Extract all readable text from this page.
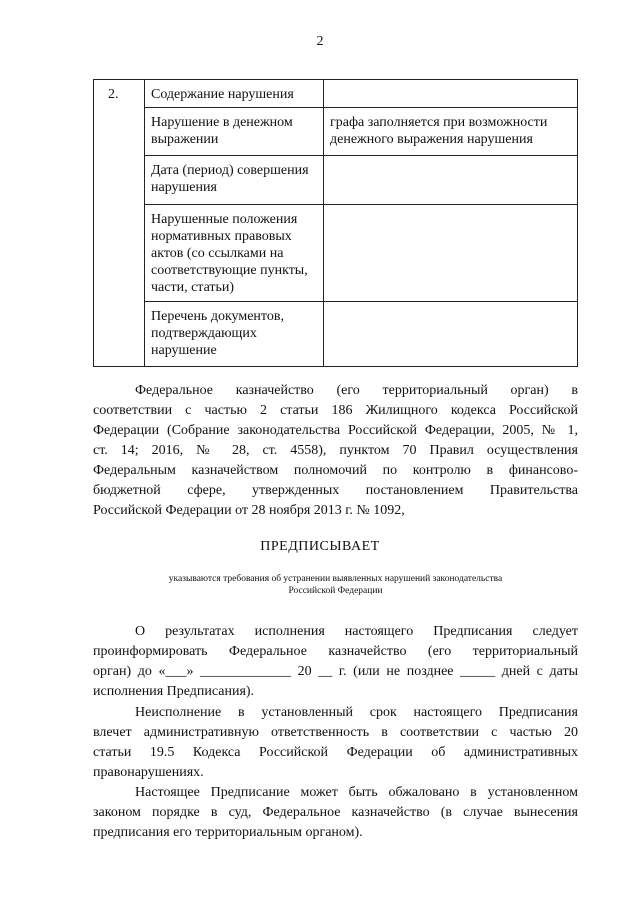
2
2.	Содержание нарушения	
	Нарушение в денежном выражении	графа заполняется при возможности денежного выражения нарушения
	Дата (период) совершения нарушения	
	Нарушенные положения нормативных правовых актов (со ссылками на соответствующие пункты, части, статьи)	
	Перечень документов, подтверждающих нарушение	
Федеральное казначейство (его территориальный орган) в
соответствии с частью 2 статьи 186 Жилищного кодекса Российской
Федерации (Собрание законодательства Российской Федерации, 2005, № 1,
ст. 14; 2016, № 28, ст. 4558), пунктом 70 Правил осуществления
Федеральным казначейством полномочий по контролю в финансово-
бюджетной сфере, утвержденных постановлением Правительства
Российской Федерации от 28 ноября 2013 г. № 1092,
ПРЕДПИСЫВАЕТ
указываются требования об устранении выявленных нарушений законодательства
Российской Федерации
О результатах исполнения настоящего Предписания следует
проинформировать Федеральное казначейство (его территориальный
орган) до «___» _____________ 20 __ г. (или не позднее _____ дней с даты
исполнения Предписания).
Неисполнение в установленный срок настоящего Предписания
влечет административную ответственность в соответствии с частью 20
статьи 19.5 Кодекса Российской Федерации об административных
правонарушениях.
Настоящее Предписание может быть обжаловано в установленном
законом порядке в суд, Федеральное казначейство (в случае вынесения
предписания его территориальным органом).
